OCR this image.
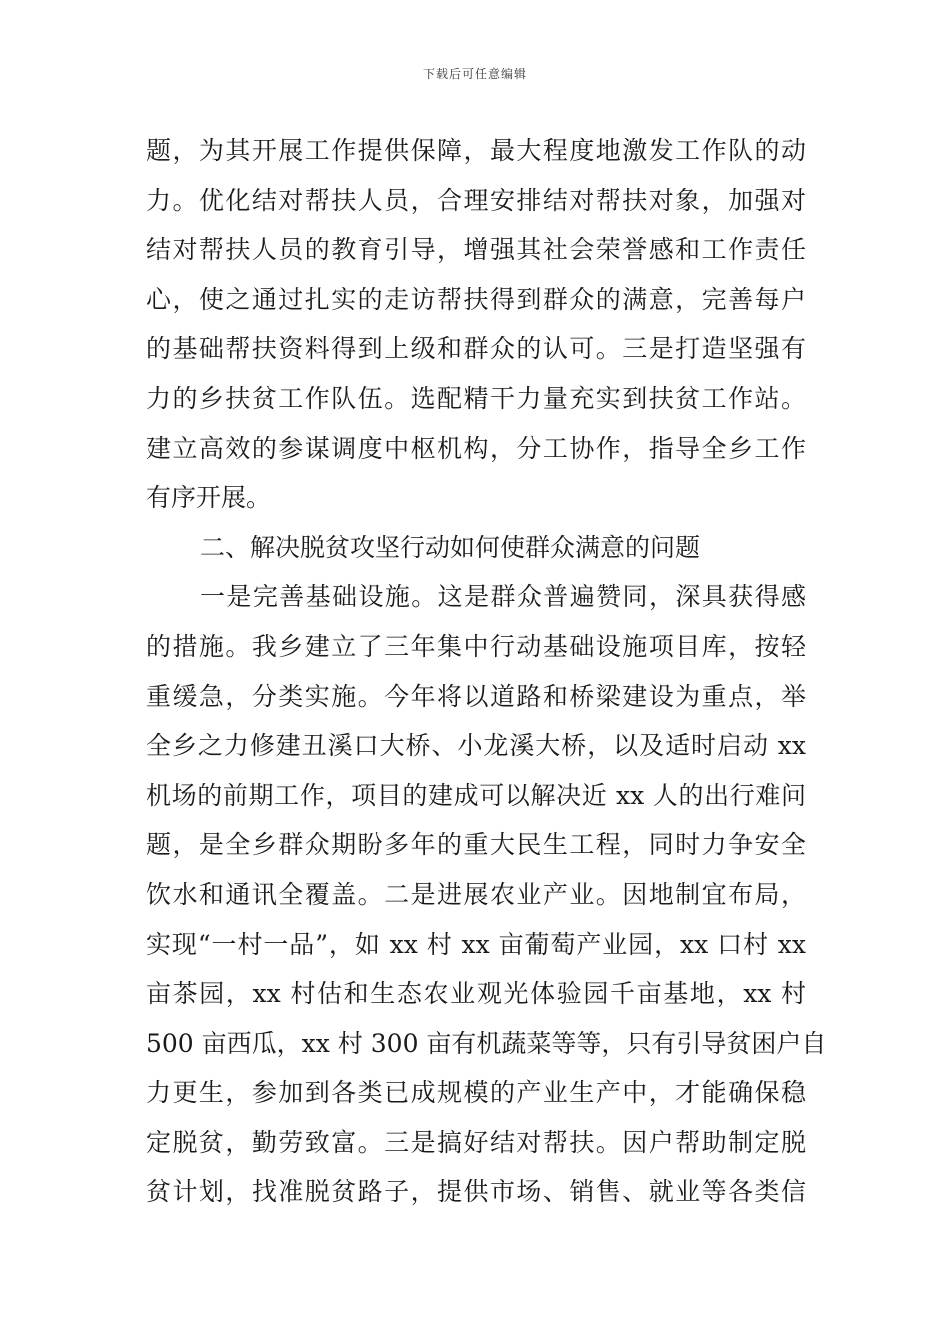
下载后可任意编辑
题，为其开展工作提供保障，最大程度地激发工作队的动
力。优化结对帮扶人员，合理安排结对帮扶对象，加强对
结对帮扶人员的教育引导，增强其社会荣誉感和工作责任
心，使之通过扎实的走访帮扶得到群众的满意，完善每户
的基础帮扶资料得到上级和群众的认可。三是打造坚强有
力的乡扶贫工作队伍。选配精干力量充实到扶贫工作站。
建立高效的参谋调度中枢机构，分工协作，指导全乡工作
有序开展。
二、解决脱贫攻坚行动如何使群众满意的问题
一是完善基础设施。这是群众普遍赞同，深具获得感
的措施。我乡建立了三年集中行动基础设施项目库，按轻
重缓急，分类实施。今年将以道路和桥梁建设为重点，举
全乡之力修建丑溪口大桥、小龙溪大桥，以及适时启动 xx
机场的前期工作，项目的建成可以解决近 xx 人的出行难问
题，是全乡群众期盼多年的重大民生工程，同时力争安全
饮水和通讯全覆盖。二是进展农业产业。因地制宜布局，
实现“一村一品”，如 xx 村 xx 亩葡萄产业园，xx 口村 xx
亩茶园，xx 村估和生态农业观光体验园千亩基地，xx 村
500 亩西瓜，xx 村 300 亩有机蔬菜等等，只有引导贫困户自
力更生，参加到各类已成规模的产业生产中，才能确保稳
定脱贫，勤劳致富。三是搞好结对帮扶。因户帮助制定脱
贫计划，找准脱贫路子，提供市场、销售、就业等各类信
